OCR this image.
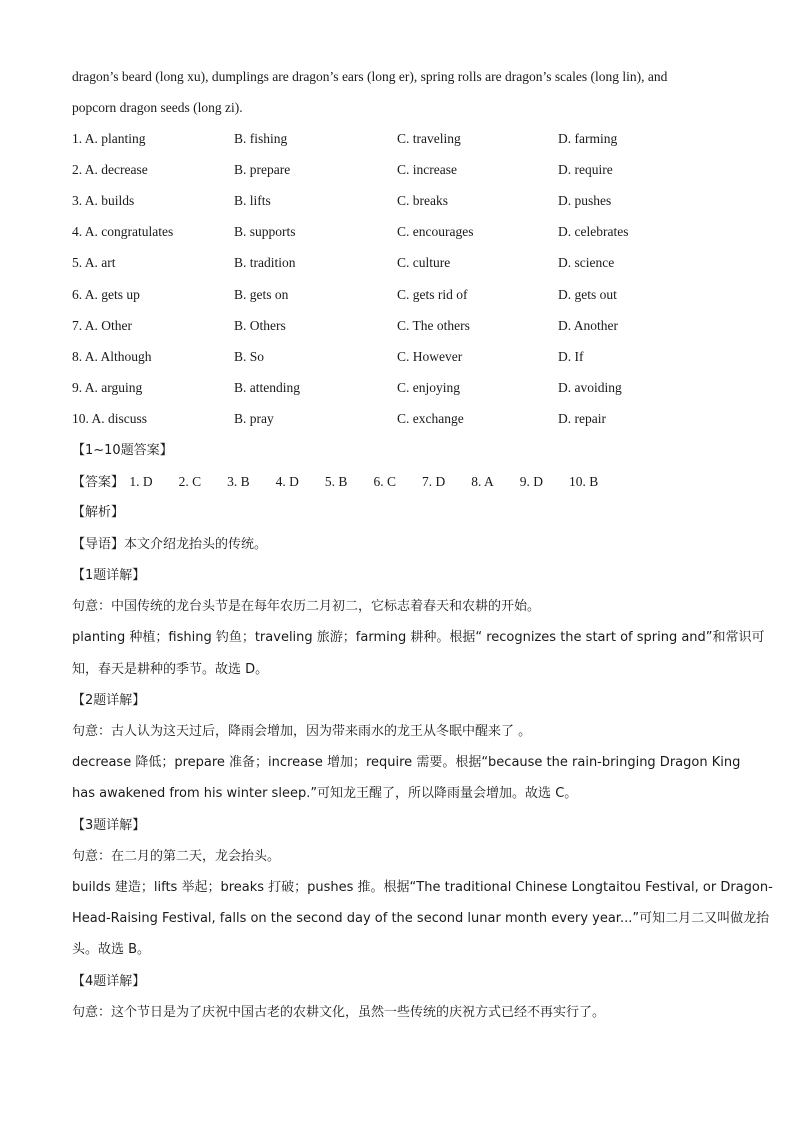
dragon’s beard (long xu), dumplings are dragon’s ears (long er), spring rolls are dragon’s scales (long lin), and
popcorn dragon seeds (long zi).
1. A. planting	B. fishing	C. traveling	D. farming
2. A. decrease	B. prepare	C. increase	D. require
3. A. builds	B. lifts	C. breaks	D. pushes
4. A. congratulates	B. supports	C. encourages	D. celebrates
5. A. art	B. tradition	C. culture	D. science
6. A. gets up	B. gets on	C. gets rid of	D. gets out
7. A. Other	B. Others	C. The others	D. Another
8. A. Although	B. So	C. However	D. If
9. A. arguing	B. attending	C. enjoying	D. avoiding
10. A. discuss	B. pray	C. exchange	D. repair
【1~10题答案】
【答案】 1. D 2. C 3. B 4. D 5. B 6. C 7. D 8. A 9. D 10. B
【解析】
【导语】本文介绍龙抬头的传统。
【1题详解】
句意：中国传统的龙台头节是在每年农历二月初二，它标志着春天和农耕的开始。
planting 种植；fishing 钓鱼；traveling 旅游；farming 耕种。根据“ recognizes the start of spring and”和常识可
知，春天是耕种的季节。故选 D。
【2题详解】
句意：古人认为这天过后，降雨会增加，因为带来雨水的龙王从冬眠中醒来了 。
decrease 降低；prepare 准备；increase 增加；require 需要。根据“because the rain-bringing Dragon King
has awakened from his winter sleep.”可知龙王醒了，所以降雨量会增加。故选 C。
【3题详解】
句意：在二月的第二天，龙会抬头。
builds 建造；lifts 举起；breaks 打破；pushes 推。根据“The traditional Chinese Longtaitou Festival, or Dragon-
Head-Raising Festival, falls on the second day of the second lunar month every year...”可知二月二又叫做龙抬
头。故选 B。
【4题详解】
句意：这个节日是为了庆祝中国古老的农耕文化，虽然一些传统的庆祝方式已经不再实行了。
